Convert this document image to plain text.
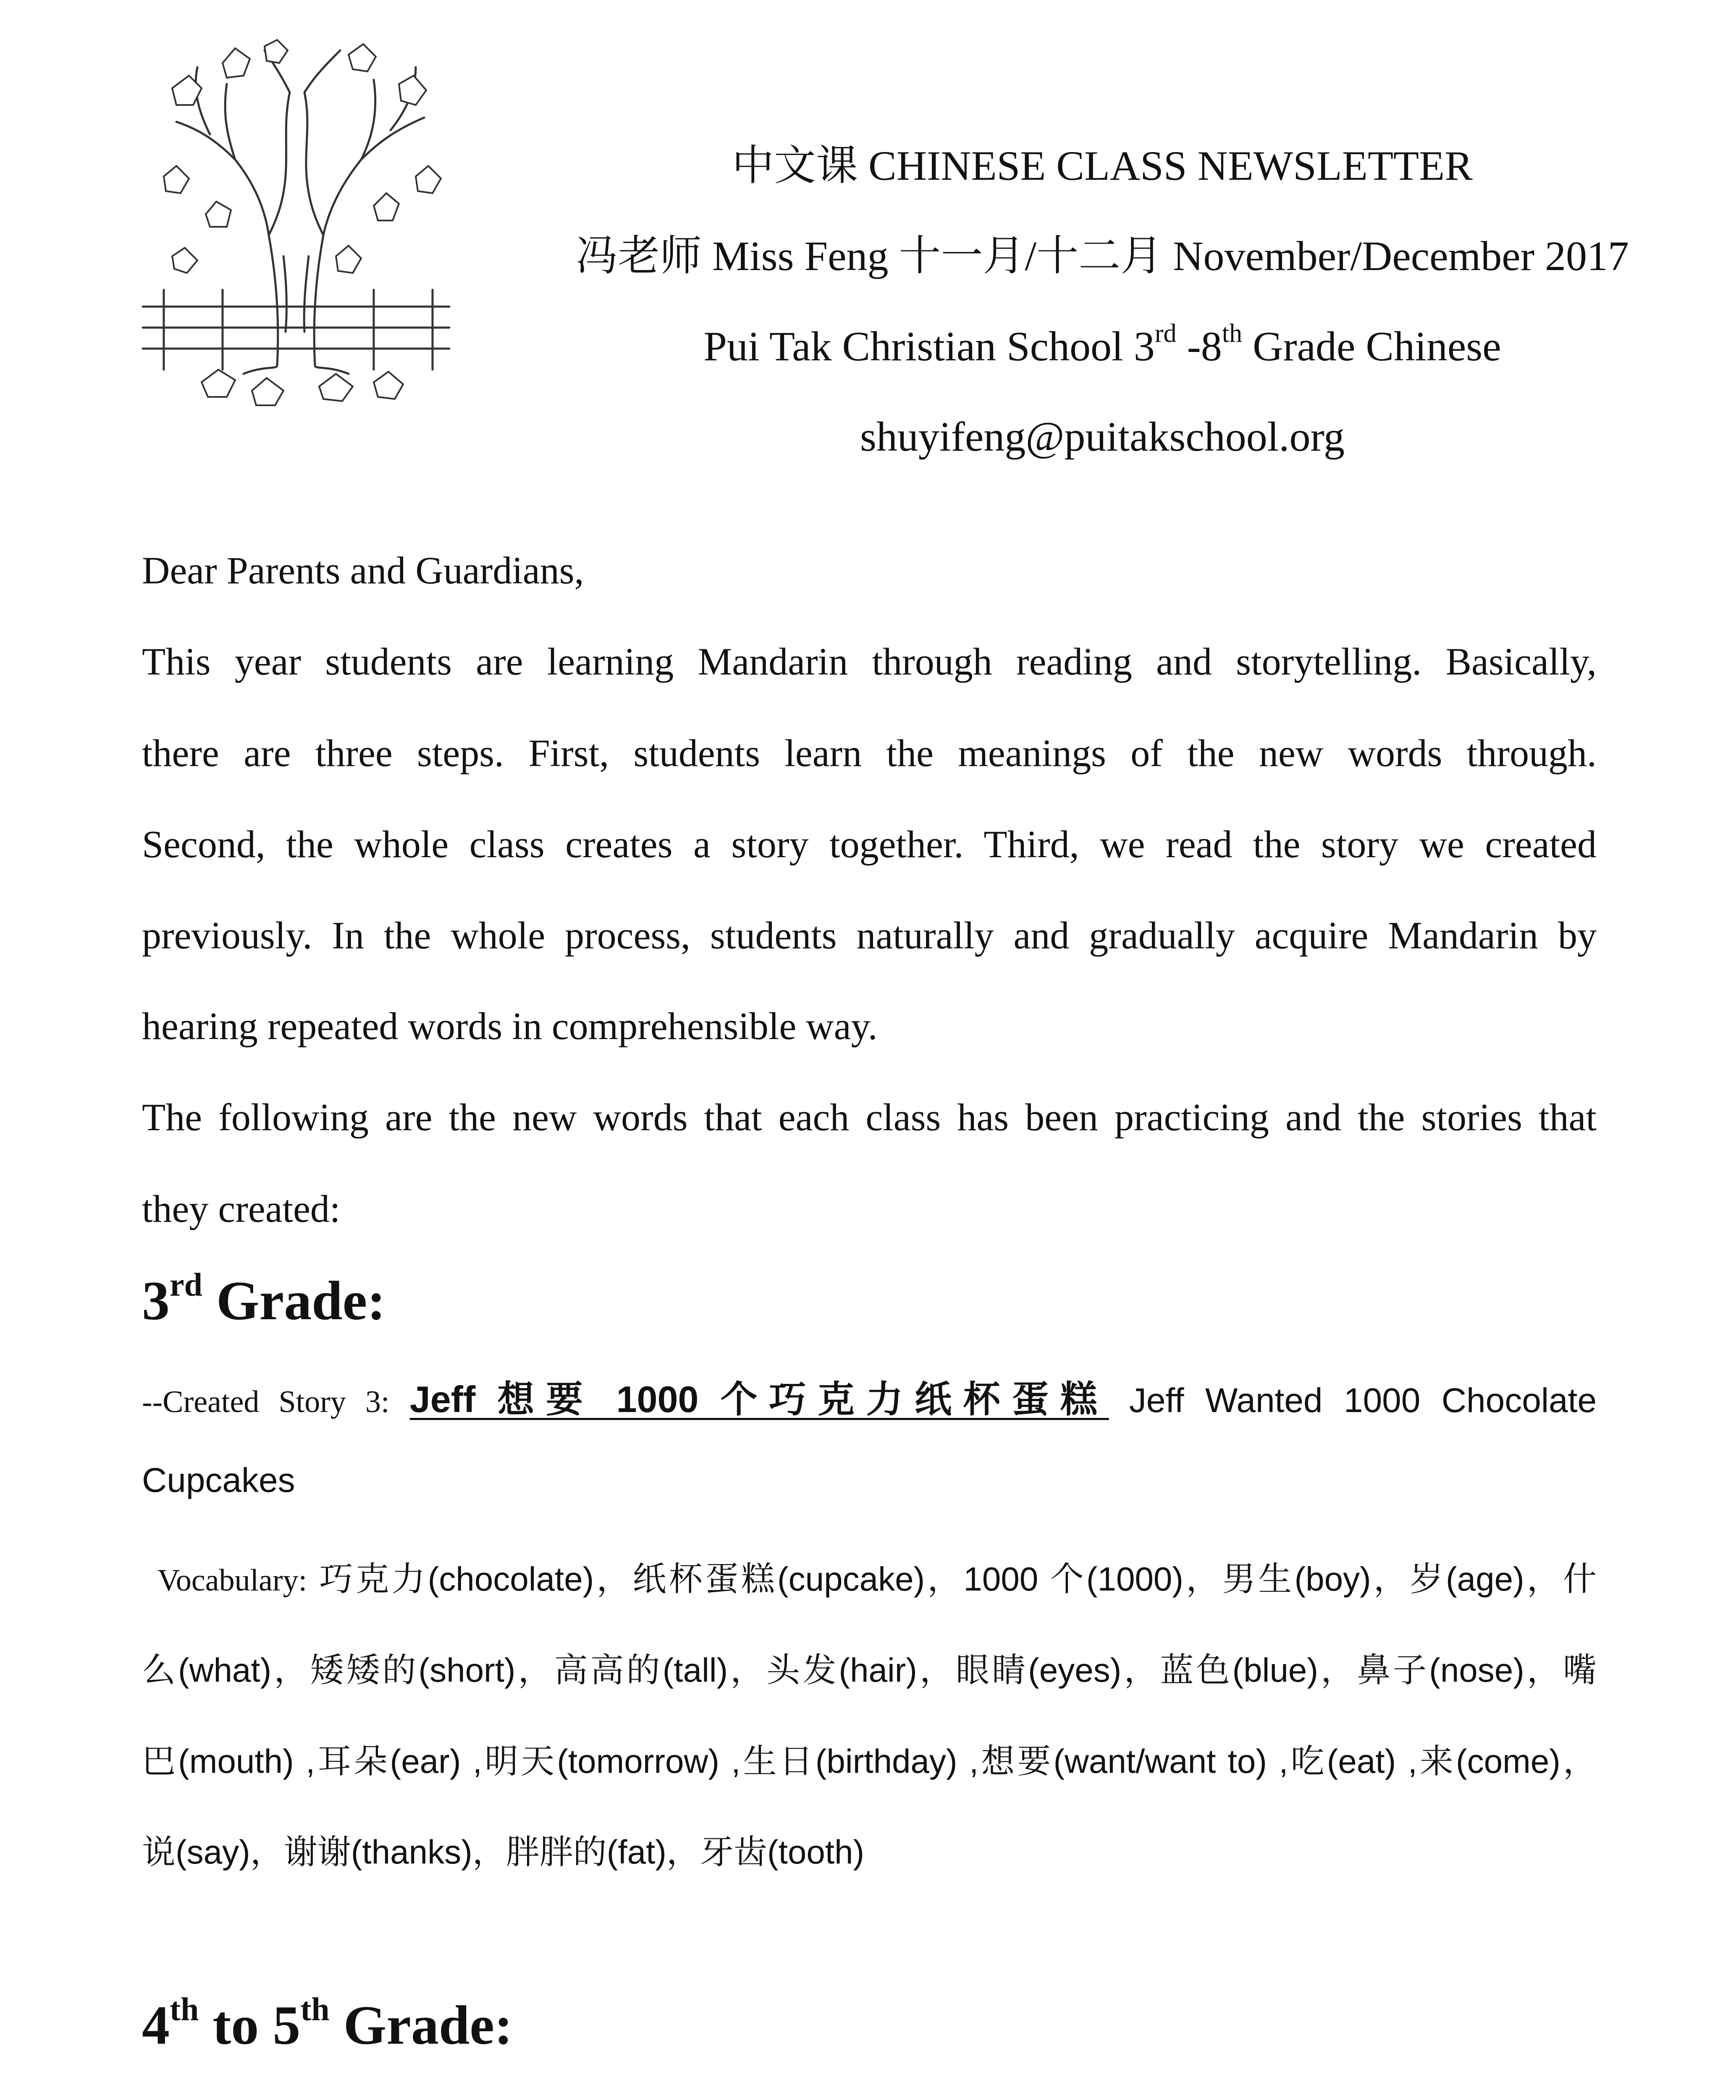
中文课 CHINESE CLASS NEWSLETTER
冯老师 Miss Feng 十一月/十二月 November/December 2017
Pui Tak Christian School 3rd -8th Grade Chinese
shuyifeng@puitakschool.org
Dear Parents and Guardians,
This year students are learning Mandarin through reading and storytelling. Basically,
there are three steps. First, students learn the meanings of the new words through.
Second, the whole class creates a story together. Third, we read the story we created
previously. In the whole process, students naturally and gradually acquire Mandarin by
hearing repeated words in comprehensible way.
The following are the new words that each class has been practicing and the stories that
they created:
3rd Grade:
--Created Story 3: Jeff 想要 1000 个巧克力纸杯蛋糕 Jeff Wanted 1000 Chocolate
Cupcakes
Vocabulary: 巧克力(chocolate)，纸杯蛋糕(cupcake)，1000 个(1000)，男生(boy)，岁(age)，什
么(what)，矮矮的(short)，高高的(tall)，头发(hair)，眼睛(eyes)，蓝色(blue)，鼻子(nose)，嘴
巴(mouth) ,耳朵(ear) ,明天(tomorrow) ,生日(birthday) ,想要(want/want to) ,吃(eat) ,来(come)，
说(say)，谢谢(thanks)，胖胖的(fat)，牙齿(tooth)
4th to 5th Grade:
